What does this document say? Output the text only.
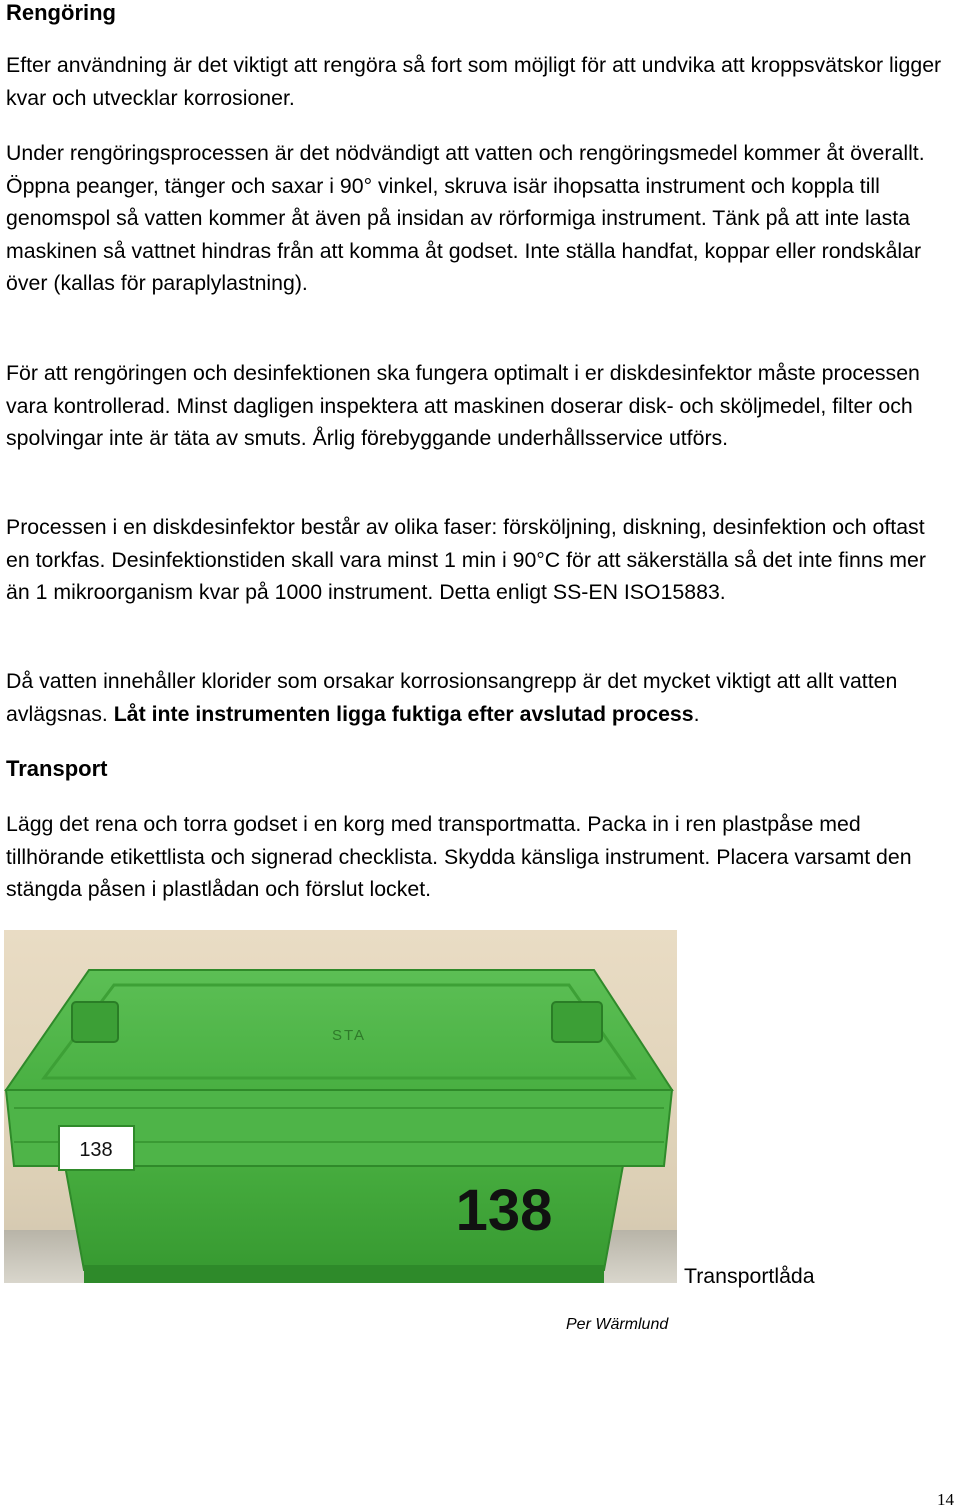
Rengöring

Efter användning är det viktigt att rengöra så fort som möjligt för att undvika att kroppsvätskor ligger kvar och utvecklar korrosioner.

Under rengöringsprocessen är det nödvändigt att vatten och rengöringsmedel kommer åt överallt. Öppna peanger, tänger och saxar i 90° vinkel, skruva isär ihopsatta instrument och koppla till genomspol så vatten kommer åt även på insidan av rörformiga instrument. Tänk på att inte lasta maskinen så vattnet hindras från att komma åt godset. Inte ställa handfat, koppar eller rondskålar över (kallas för paraplylastning).

För att rengöringen och desinfektionen ska fungera optimalt i er diskdesinfektor måste processen vara kontrollerad. Minst dagligen inspektera att maskinen doserar disk- och sköljmedel, filter och spolvingar inte är täta av smuts. Årlig förebyggande underhållsservice utförs.

Processen i en diskdesinfektor består av olika faser: försköljning, diskning, desinfektion och oftast en torkfas. Desinfektionstiden skall vara minst 1 min i 90°C för att säkerställa så det inte finns mer än 1 mikroorganism kvar på 1000 instrument. Detta enligt SS-EN ISO15883.

Då vatten innehåller klorider som orsakar korrosionsangrepp är det mycket viktigt att allt vatten avlägsnas. Låt inte instrumenten ligga fuktiga efter avslutad process.

Transport

Lägg det rena och torra godset i en korg med transportmatta. Packa in i ren plastpåse med tillhörande etikettlista och signerad checklista. Skydda känsliga instrument. Placera varsamt den stängda påsen i plastlådan och förslut locket.

STA
138
138

Transportlåda

Per Wärmlund

14
